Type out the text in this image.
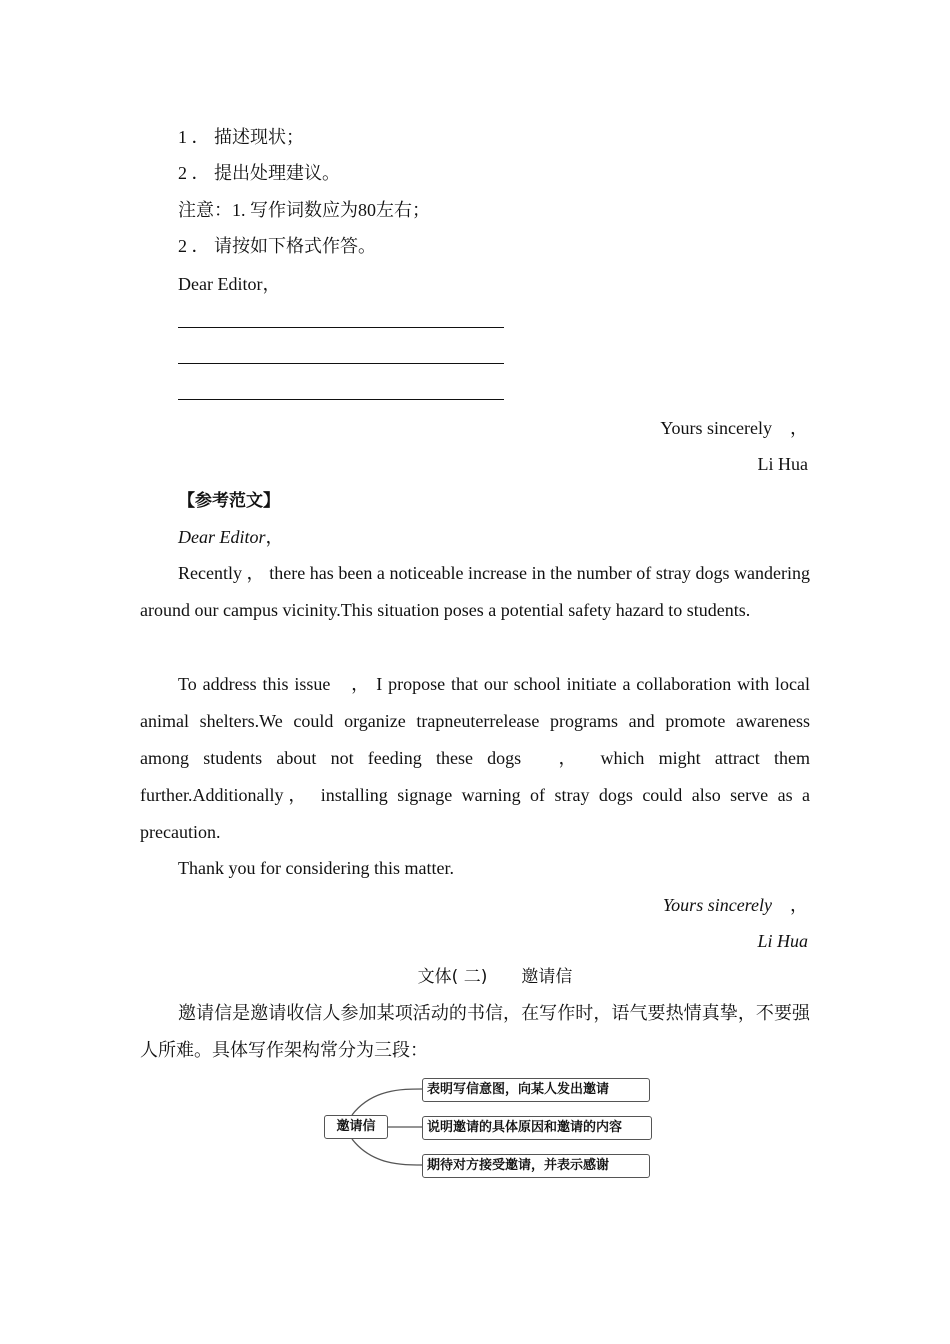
1 ． 描述现状；
2 ． 提出处理建议。
注意：1. 写作词数应为80左右；
2 ． 请按如下格式作答。
Dear Editor，
Yours sincerely　，
Li Hua
【参考范文】
Dear Editor，

Recently ， there has been a noticeable increase in the number of stray dogs wandering around our campus vicinity.This situation poses a potential safety hazard to students.

To address this issue　， I propose that our school initiate a collaboration with local animal shelters.We could organize trapneuterrelease programs and promote awareness among students about not feeding these dogs　， which might attract them further.Additionally， installing signage warning of stray dogs could also serve as a precaution.

Thank you for considering this matter.

Yours sincerely　，
Li Hua
文体( 二)　　邀请信

邀请信是邀请收信人参加某项活动的书信，在写作时，语气要热情真挚，不要强人所难。具体写作架构常分为三段：

邀请信
表明写信意图，向某人发出邀请
说明邀请的具体原因和邀请的内容
期待对方接受邀请，并表示感谢
